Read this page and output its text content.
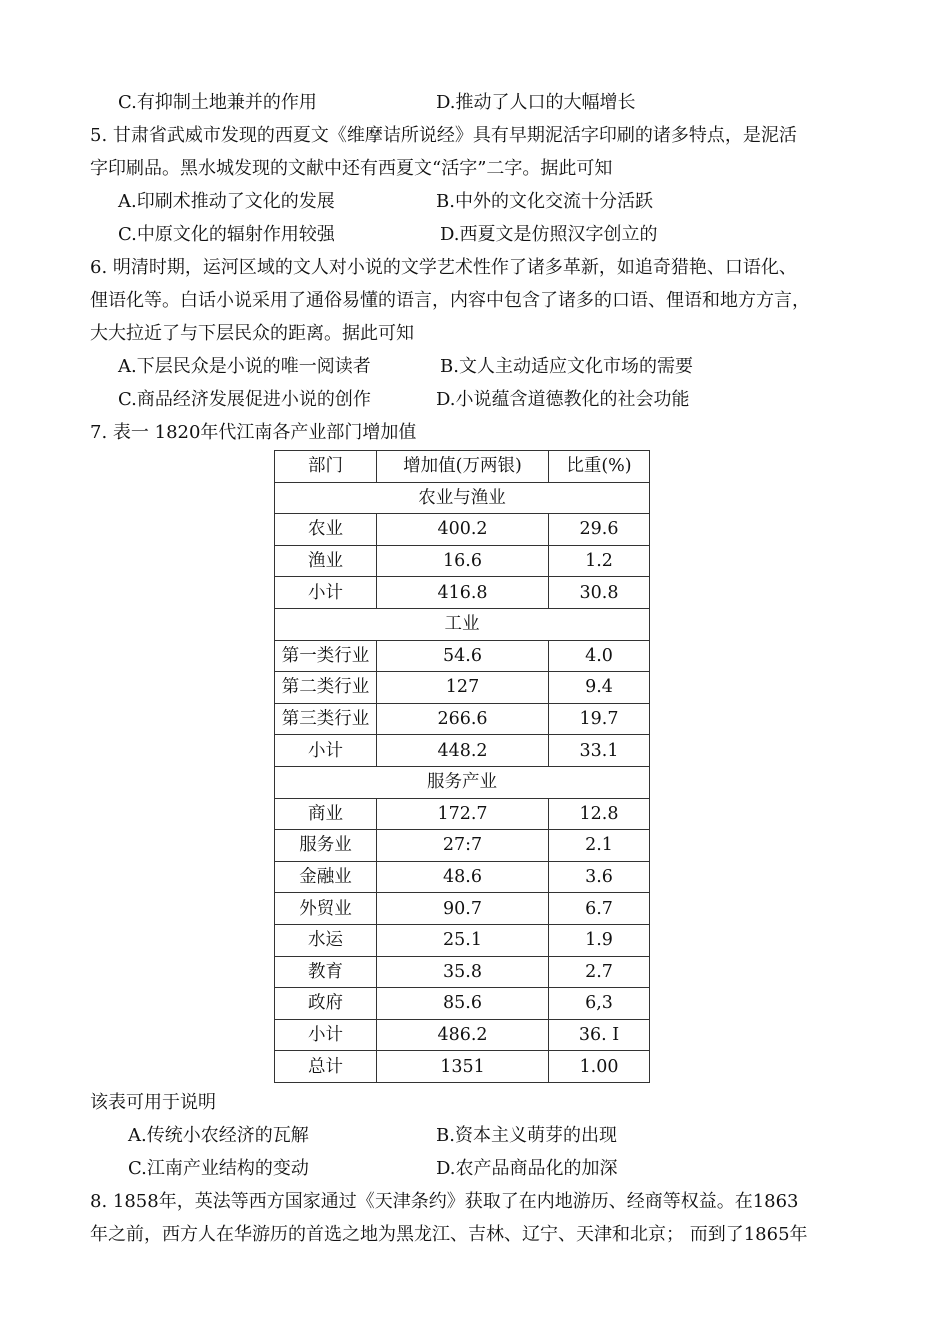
C.有抑制土地兼并的作用	D.推动了人口的大幅增长
5. 甘肃省武威市发现的西夏文《维摩诘所说经》具有早期泥活字印刷的诸多特点，是泥活
字印刷品。黑水城发现的文献中还有西夏文“活字”二字。据此可知
A.印刷术推动了文化的发展	B.中外的文化交流十分活跃
C.中原文化的辐射作用较强	D.西夏文是仿照汉字创立的
6. 明清时期，运河区域的文人对小说的文学艺术性作了诸多革新，如追奇猎艳、口语化、
俚语化等。白话小说采用了通俗易懂的语言，内容中包含了诸多的口语、俚语和地方方言，
大大拉近了与下层民众的距离。据此可知
A.下层民众是小说的唯一阅读者	B.文人主动适应文化市场的需要
C.商品经济发展促进小说的创作	D.小说蕴含道德教化的社会功能
7. 表一 1820年代江南各产业部门增加值
部门	增加值(万两银)	比重(%)
农业与渔业		
农业	400.2	29.6
渔业	16.6	1.2
小计	416.8	30.8
工业		
第一类行业	54.6	4.0
第二类行业	127	9.4
第三类行业	266.6	19.7
小计	448.2	33.1
服务产业		
商业	172.7	12.8
服务业	27:7	2.1
金融业	48.6	3.6
外贸业	90.7	6.7
水运	25.1	1.9
教育	35.8	2.7
政府	85.6	6,3
小计	486.2	36. I
总计	1351	1.00
该表可用于说明
A.传统小农经济的瓦解	B.资本主义萌芽的出现
C.江南产业结构的变动	D.农产品商品化的加深
8. 1858年，英法等西方国家通过《天津条约》获取了在内地游历、经商等权益。在1863
年之前，西方人在华游历的首选之地为黑龙江、吉林、辽宁、天津和北京； 而到了1865年
